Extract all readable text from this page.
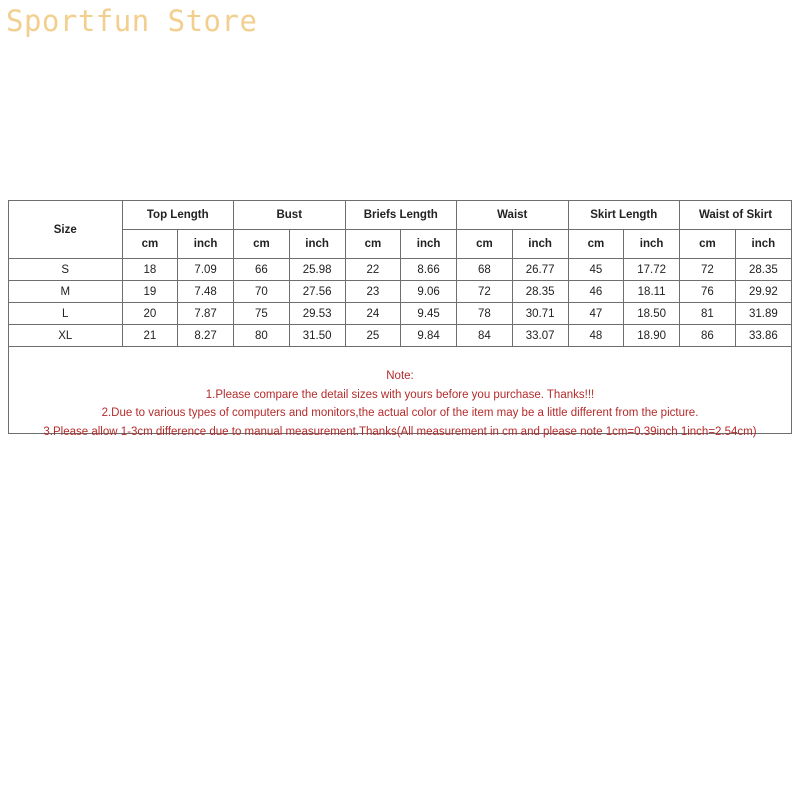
Sportfun Store
Size	Top Length		Bust		Briefs Length		Waist		Skirt Length		Waist of Skirt	
	cm	inch	cm	inch	cm	inch	cm	inch	cm	inch	cm	inch
S	18	7.09	66	25.98	22	8.66	68	26.77	45	17.72	72	28.35
M	19	7.48	70	27.56	23	9.06	72	28.35	46	18.11	76	29.92
L	20	7.87	75	29.53	24	9.45	78	30.71	47	18.50	81	31.89
XL	21	8.27	80	31.50	25	9.84	84	33.07	48	18.90	86	33.86
Note:
1.Please compare the detail sizes with yours before you purchase. Thanks!!!
2.Due to various types of computers and monitors,the actual color of the item may be a little different from the picture.
3.Please allow 1-3cm difference due to manual measurement.Thanks(All measurement in cm and please note 1cm=0.39inch 1inch=2.54cm)
